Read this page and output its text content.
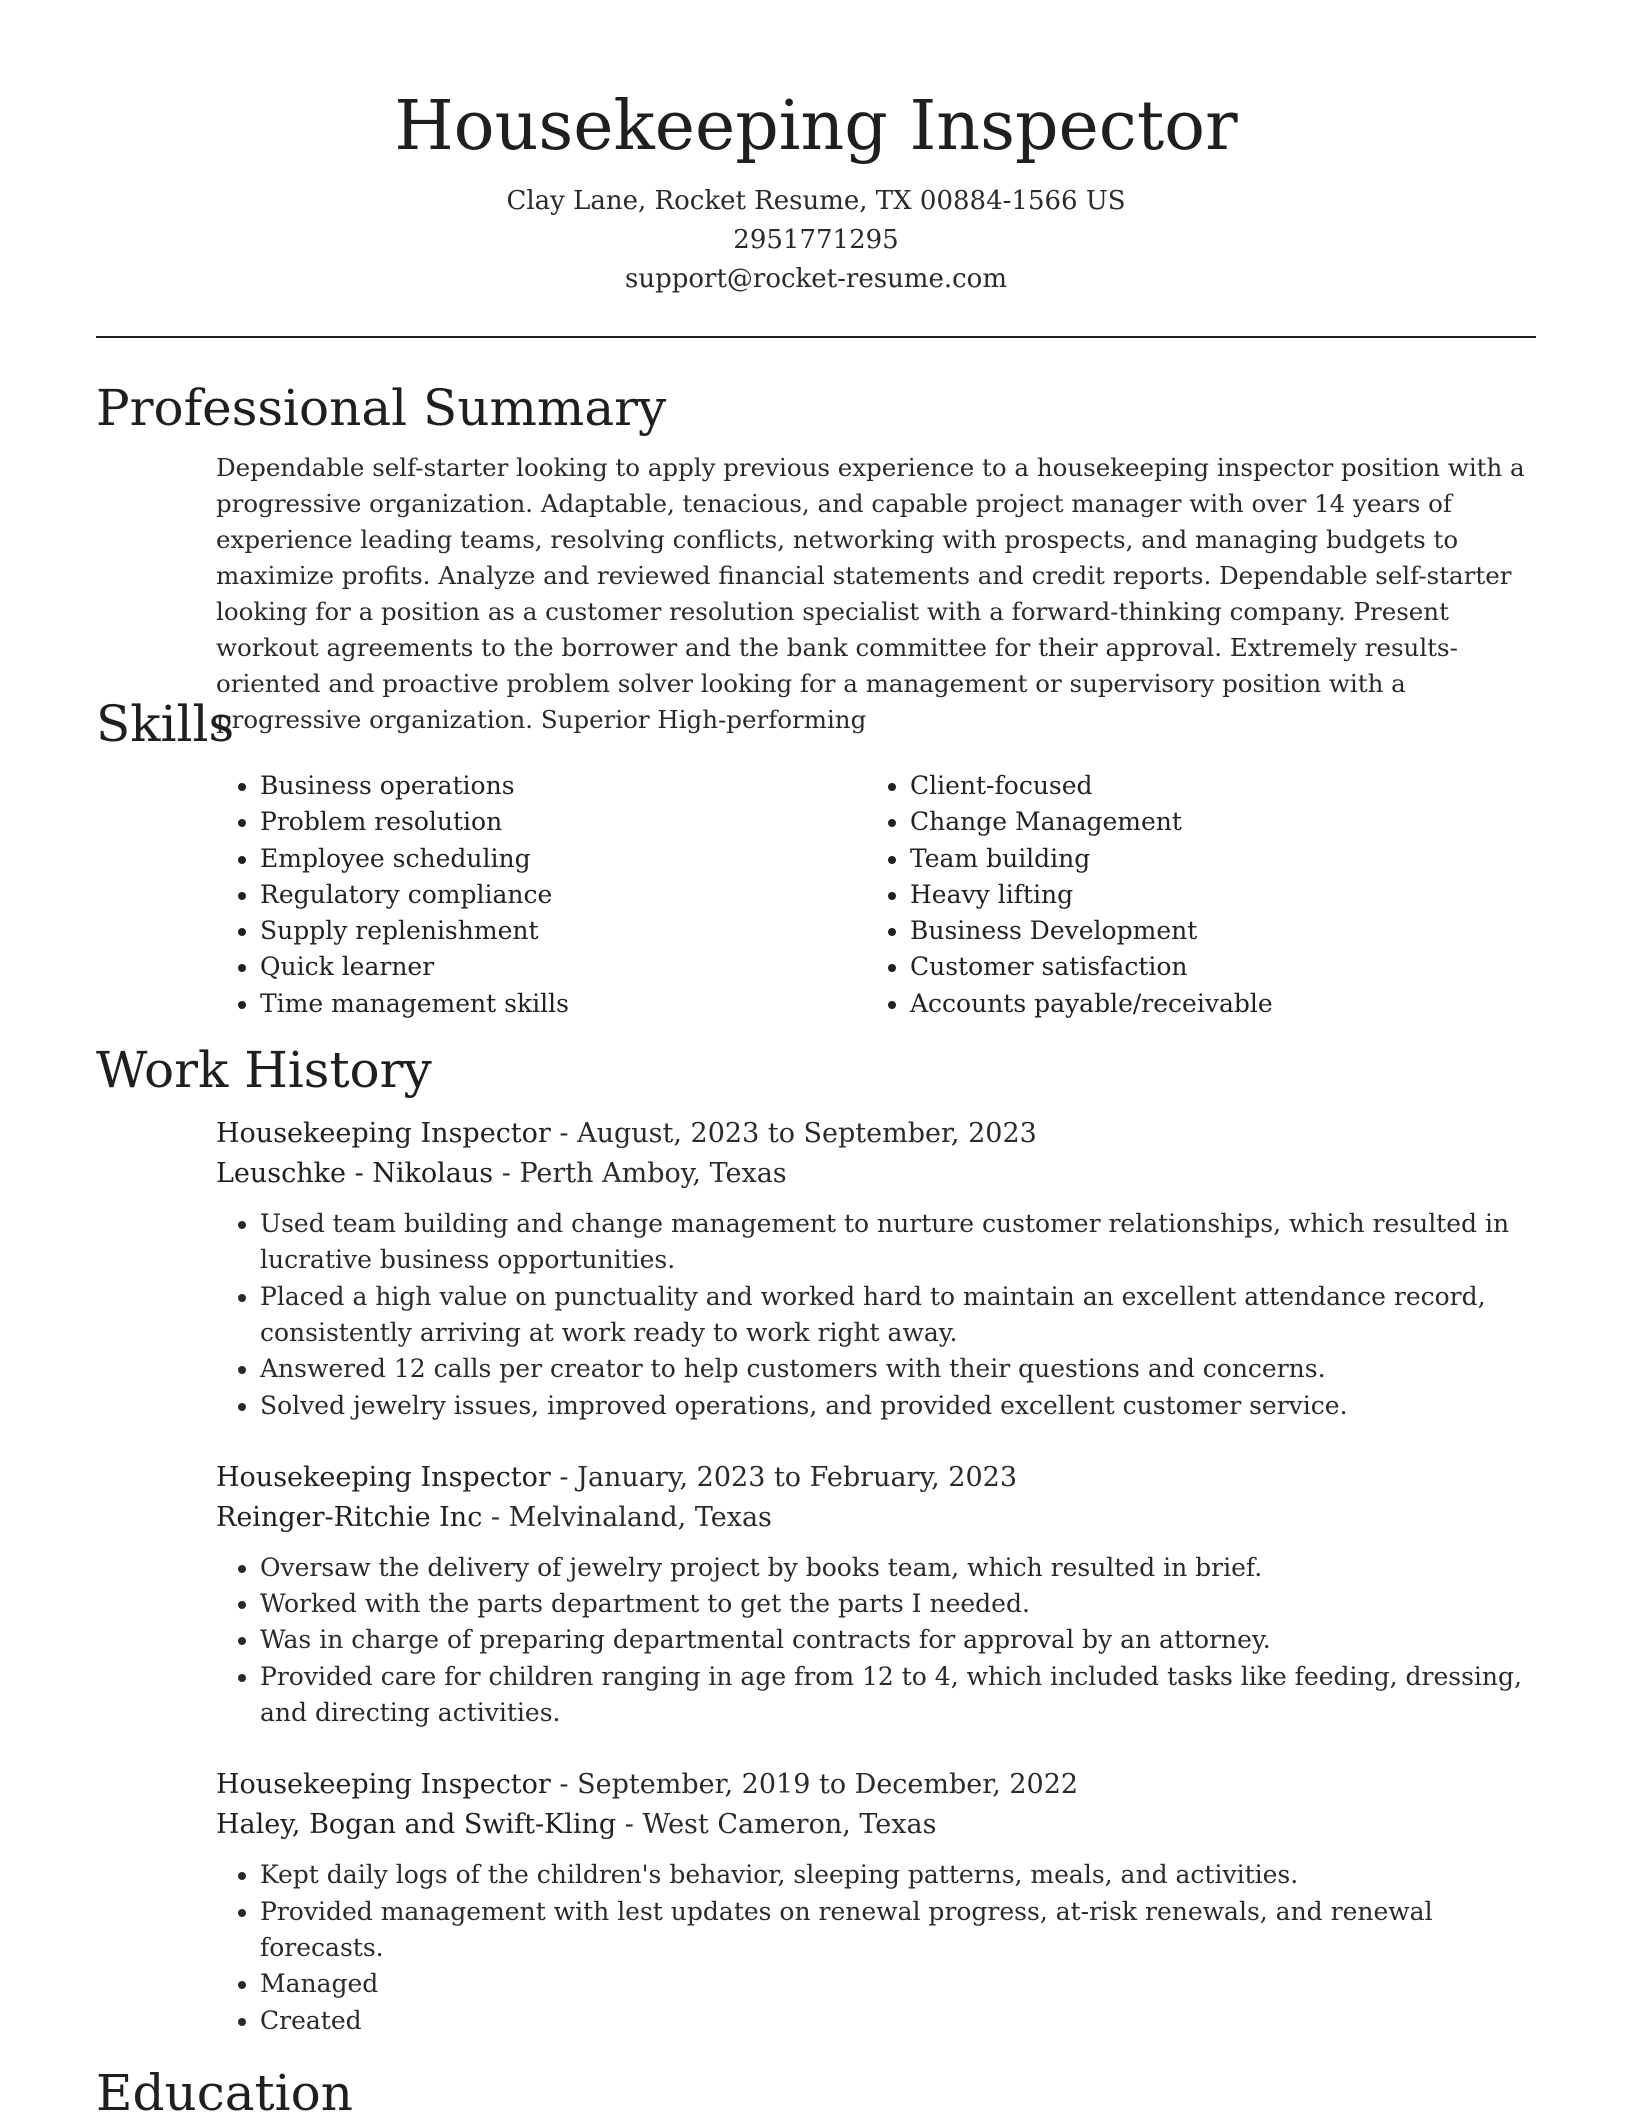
Housekeeping Inspector
Clay Lane, Rocket Resume, TX 00884-1566 US
2951771295
support@rocket-resume.com
Professional Summary
Dependable self-starter looking to apply previous experience to a housekeeping inspector position with a progressive organization. Adaptable, tenacious, and capable project manager with over 14 years of experience leading teams, resolving conflicts, networking with prospects, and managing budgets to maximize profits. Analyze and reviewed financial statements and credit reports. Dependable self-starter looking for a position as a customer resolution specialist with a forward-thinking company. Present workout agreements to the borrower and the bank committee for their approval. Extremely results-oriented and proactive problem solver looking for a management or supervisory position with a progressive organization. Superior High-performing
Skills
• Business operations
• Problem resolution
• Employee scheduling
• Regulatory compliance
• Supply replenishment
• Quick learner
• Time management skills
• Client-focused
• Change Management
• Team building
• Heavy lifting
• Business Development
• Customer satisfaction
• Accounts payable/receivable
Work History
Housekeeping Inspector - August, 2023 to September, 2023
Leuschke - Nikolaus - Perth Amboy, Texas
• Used team building and change management to nurture customer relationships, which resulted in lucrative business opportunities.
• Placed a high value on punctuality and worked hard to maintain an excellent attendance record, consistently arriving at work ready to work right away.
• Answered 12 calls per creator to help customers with their questions and concerns.
• Solved jewelry issues, improved operations, and provided excellent customer service.
Housekeeping Inspector - January, 2023 to February, 2023
Reinger-Ritchie Inc - Melvinaland, Texas
• Oversaw the delivery of jewelry project by books team, which resulted in brief.
• Worked with the parts department to get the parts I needed.
• Was in charge of preparing departmental contracts for approval by an attorney.
• Provided care for children ranging in age from 12 to 4, which included tasks like feeding, dressing, and directing activities.
Housekeeping Inspector - September, 2019 to December, 2022
Haley, Bogan and Swift-Kling - West Cameron, Texas
• Kept daily logs of the children's behavior, sleeping patterns, meals, and activities.
• Provided management with lest updates on renewal progress, at-risk renewals, and renewal forecasts.
• Managed
• Created
Education
